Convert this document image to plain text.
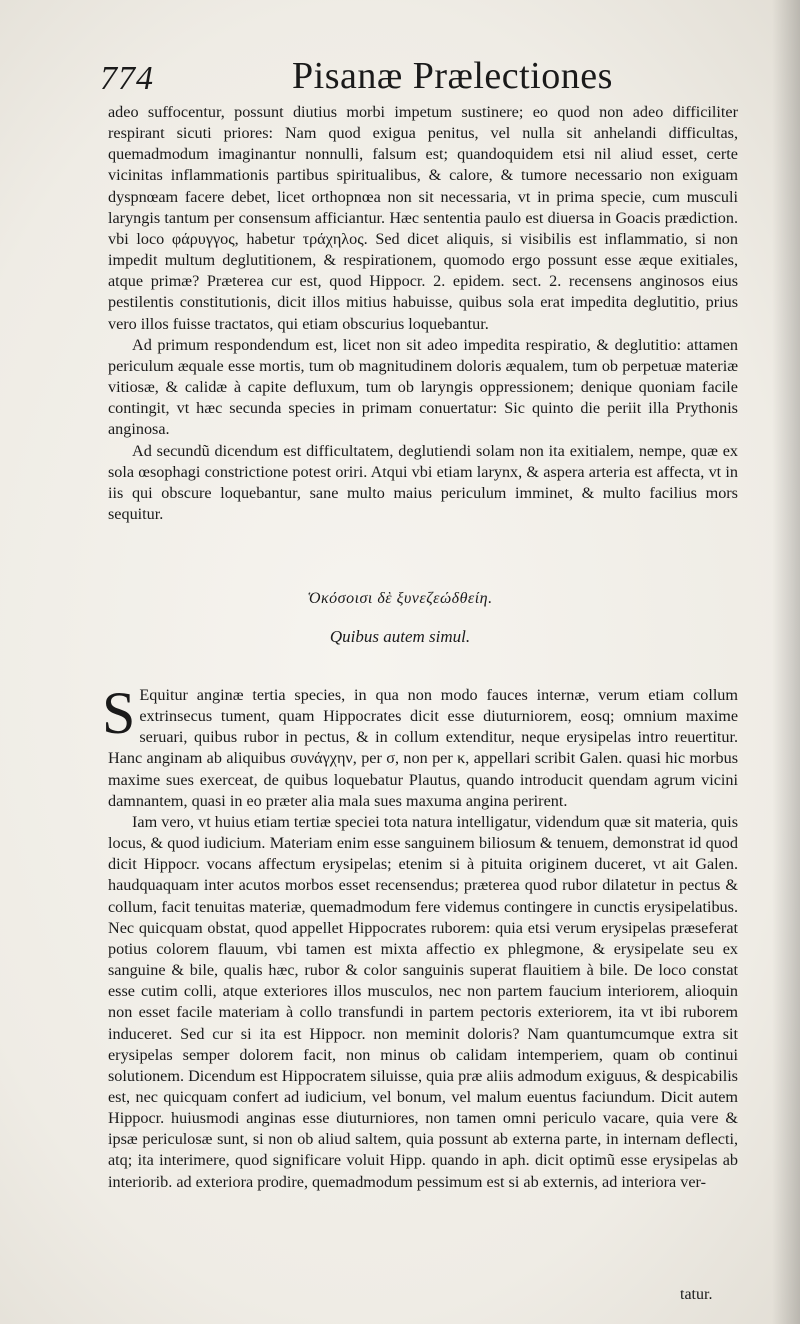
774	Pisanæ Prælectiones

adeo suffocentur, possunt diutius morbi impetum sustinere; eo quod non adeo difficiliter respirant sicuti priores: Nam quod exigua penitus, vel nulla sit anhelandi difficultas, quemadmodum imaginantur nonnulli, falsum est; quandoquidem etsi nil aliud esset, certe vicinitas inflammationis partibus spiritualibus, & calore, & tumore necessario non exiguam dyspnœam facere debet, licet orthopnœa non sit necessaria, vt in prima specie, cum musculi laryngis tantum per consensum afficiantur. Hæc sententia paulo est diuersa in Goacis prædiction. vbi loco φάρυγγος, habetur τράχηλος. Sed dicet aliquis, si visibilis est inflammatio, si non impedit multum deglutitionem, & respirationem, quomodo ergo possunt esse æque exitiales, atque primæ? Præterea cur est, quod Hippocr. 2. epidem. sect. 2. recensens anginosos eius pestilentis constitutionis, dicit illos mitius habuisse, quibus sola erat impedita deglutitio, prius vero illos fuisse tractatos, qui etiam obscurius loquebantur.

Ad primum respondendum est, licet non sit adeo impedita respiratio, & deglutitio: attamen periculum æquale esse mortis, tum ob magnitudinem doloris æqualem, tum ob perpetuæ materiæ vitiosæ, & calidæ à capite defluxum, tum ob laryngis oppressionem; denique quoniam facile contingit, vt hæc secunda species in primam conuertatur: Sic quinto die periit illa Prythonis anginosa.

Ad secundũ dicendum est difficultatem, deglutiendi solam non ita exitialem, nempe, quæ ex sola œsophagi constrictione potest oriri. Atqui vbi etiam larynx, & aspera arteria est affecta, vt in iis qui obscure loquebantur, sane multo maius periculum imminet, & multo facilius mors sequitur.

Ὁκόσοισι δὲ ξυνεζεώδθείη.
Quibus autem simul.

S Equitur anginæ tertia species, in qua non modo fauces internæ, verum etiam collum extrinsecus tument, quam Hippocrates dicit esse diuturniorem, eosq; omnium maxime seruari, quibus rubor in pectus, & in collum extenditur, neque erysipelas intro reuertitur. Hanc anginam ab aliquibus συνάγχην, per σ, non per κ, appellari scribit Galen. quasi hic morbus maxime sues exerceat, de quibus loquebatur Plautus, quando introducit quendam agrum vicini damnantem, quasi in eo præter alia mala sues maxuma angina perirent.

Iam vero, vt huius etiam tertiæ speciei tota natura intelligatur, videndum quæ sit materia, quis locus, & quod iudicium. Materiam enim esse sanguinem biliosum & tenuem, demonstrat id quod dicit Hippocr. vocans affectum erysipelas; etenim si à pituita originem duceret, vt ait Galen. haudquaquam inter acutos morbos esset recensendus; præterea quod rubor dilatetur in pectus & collum, facit tenuitas materiæ, quemadmodum fere videmus contingere in cunctis erysipelatibus. Nec quicquam obstat, quod appellet Hippocrates ruborem: quia etsi verum erysipelas præseferat potius colorem flauum, vbi tamen est mixta affectio ex phlegmone, & erysipelate seu ex sanguine & bile, qualis hæc, rubor & color sanguinis superat flauitiem à bile. De loco constat esse cutim colli, atque exteriores illos musculos, nec non partem faucium interiorem, alioquin non esset facile materiam à collo transfundi in partem pectoris exteriorem, ita vt ibi ruborem induceret. Sed cur si ita est Hippocr. non meminit doloris? Nam quantumcumque extra sit erysipelas semper dolorem facit, non minus ob calidam intemperiem, quam ob continui solutionem. Dicendum est Hippocratem siluisse, quia præ aliis admodum exiguus, & despicabilis est, nec quicquam confert ad iudicium, vel bonum, vel malum euentus faciundum. Dicit autem Hippocr. huiusmodi anginas esse diuturniores, non tamen omni periculo vacare, quia vere & ipsæ periculosæ sunt, si non ob aliud saltem, quia possunt ab externa parte, in internam deflecti, atq; ita interimere, quod significare voluit Hipp. quando in aph. dicit optimũ esse erysipelas ab interiorib. ad exteriora prodire, quemadmodum pessimum est si ab externis, ad interiora ver-

tatur.
